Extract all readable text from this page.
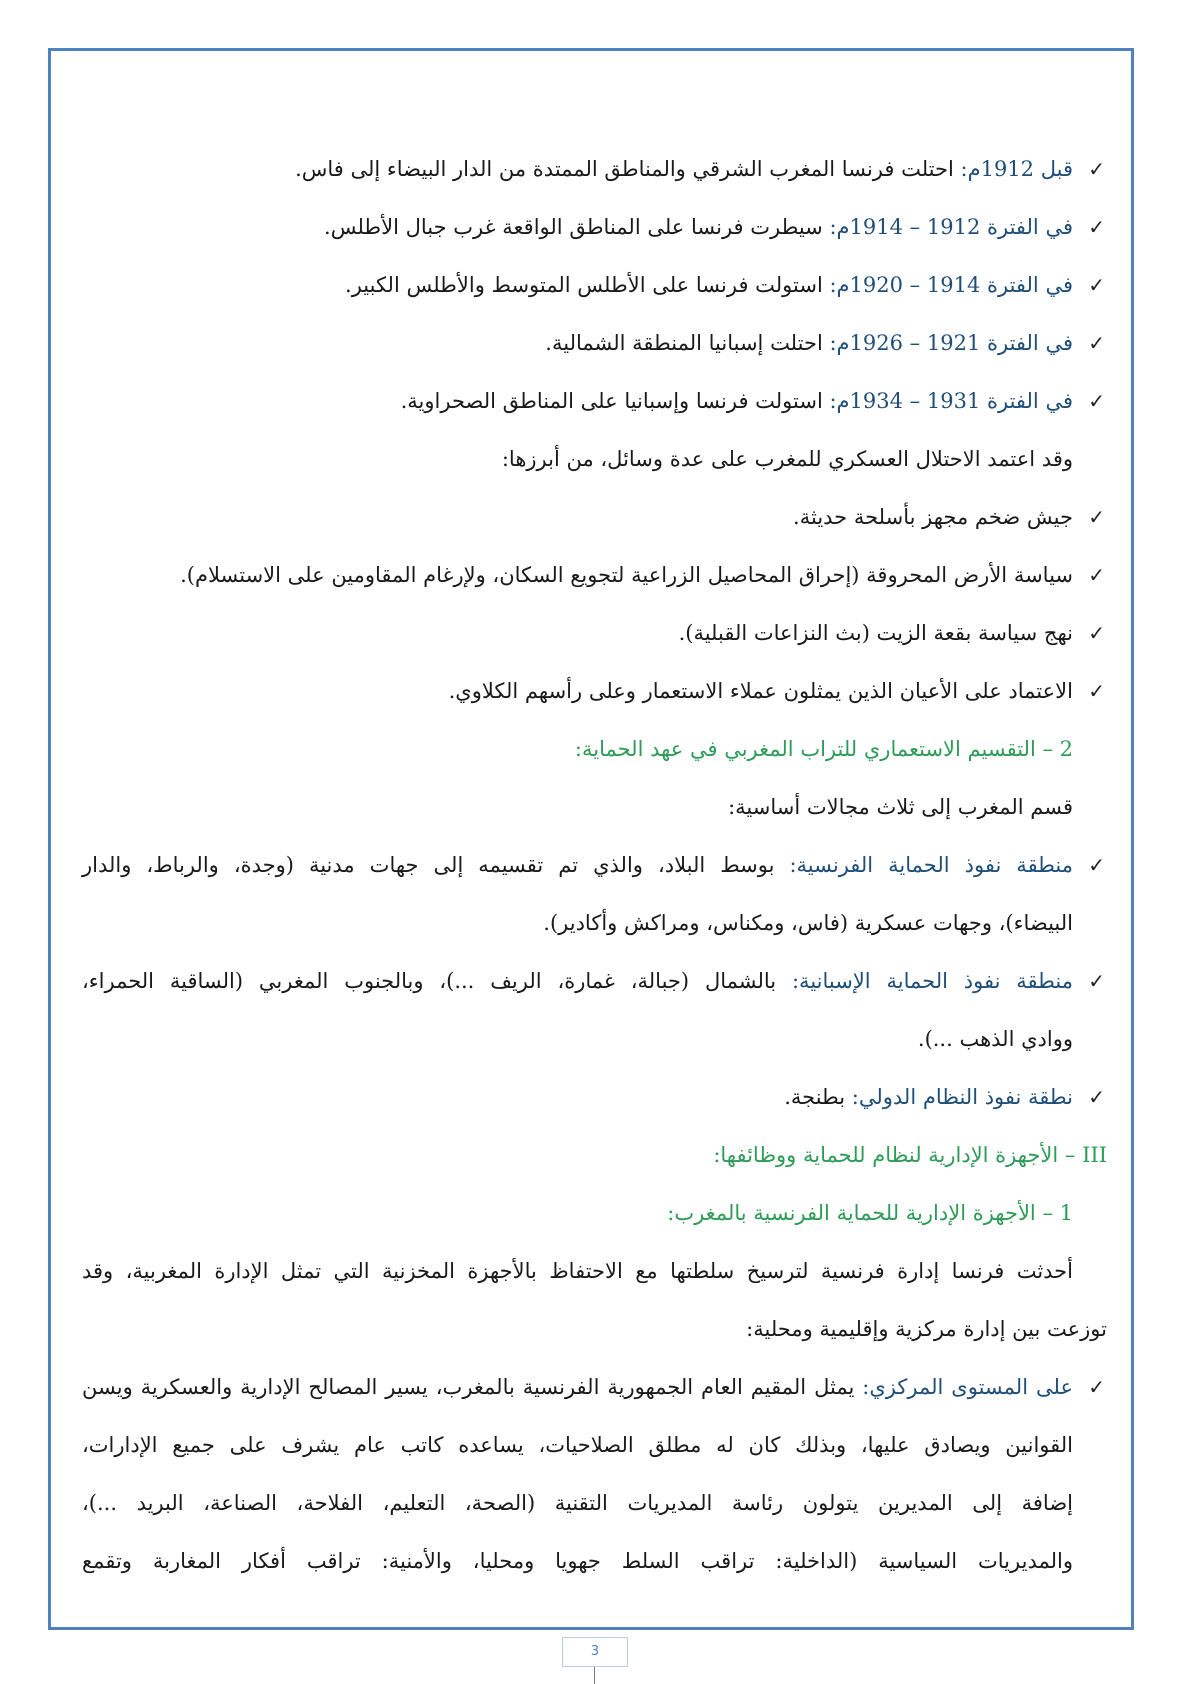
✓
قبل 1912م: احتلت فرنسا المغرب الشرقي والمناطق الممتدة من الدار البيضاء إلى فاس.
✓
في الفترة 1912 – 1914م: سيطرت فرنسا على المناطق الواقعة غرب جبال الأطلس.
✓
في الفترة 1914 – 1920م: استولت فرنسا على الأطلس المتوسط والأطلس الكبير.
✓
في الفترة 1921 – 1926م: احتلت إسبانيا المنطقة الشمالية.
✓
في الفترة 1931 – 1934م: استولت فرنسا وإسبانيا على المناطق الصحراوية.
وقد اعتمد الاحتلال العسكري للمغرب على عدة وسائل، من أبرزها:
✓
جيش ضخم مجهز بأسلحة حديثة.
✓
سياسة الأرض المحروقة (إحراق المحاصيل الزراعية لتجويع السكان، ولإرغام المقاومين على الاستسلام).
✓
نهج سياسة بقعة الزيت (بث النزاعات القبلية).
✓
الاعتماد على الأعيان الذين يمثلون عملاء الاستعمار وعلى رأسهم الكلاوي.
2 – التقسيم الاستعماري للتراب المغربي في عهد الحماية:
قسم المغرب إلى ثلاث مجالات أساسية:
✓
منطقة نفوذ الحماية الفرنسية: بوسط البلاد، والذي تم تقسيمه إلى جهات مدنية (وجدة، والرباط، والدار
البيضاء)، وجهات عسكرية (فاس، ومكناس، ومراكش وأكادير).
✓
منطقة نفوذ الحماية الإسبانية: بالشمال (جبالة، غمارة، الريف ...)، وبالجنوب المغربي (الساقية الحمراء،
ووادي الذهب ...).
✓
نطقة نفوذ النظام الدولي: بطنجة.
III – الأجهزة الإدارية لنظام للحماية ووظائفها:
1 – الأجهزة الإدارية للحماية الفرنسية بالمغرب:
أحدثت فرنسا إدارة فرنسية لترسيخ سلطتها مع الاحتفاظ بالأجهزة المخزنية التي تمثل الإدارة المغربية، وقد
توزعت بين إدارة مركزية وإقليمية ومحلية:
✓
على المستوى المركزي: يمثل المقيم العام الجمهورية الفرنسية بالمغرب، يسير المصالح الإدارية والعسكرية ويسن
القوانين ويصادق عليها، وبذلك كان له مطلق الصلاحيات، يساعده كاتب عام يشرف على جميع الإدارات،
إضافة إلى المديرين يتولون رئاسة المديريات التقنية (الصحة، التعليم، الفلاحة، الصناعة، البريد ...)،
والمديريات السياسية (الداخلية: تراقب السلط جهويا ومحليا، والأمنية: تراقب أفكار المغاربة وتقمع
3
